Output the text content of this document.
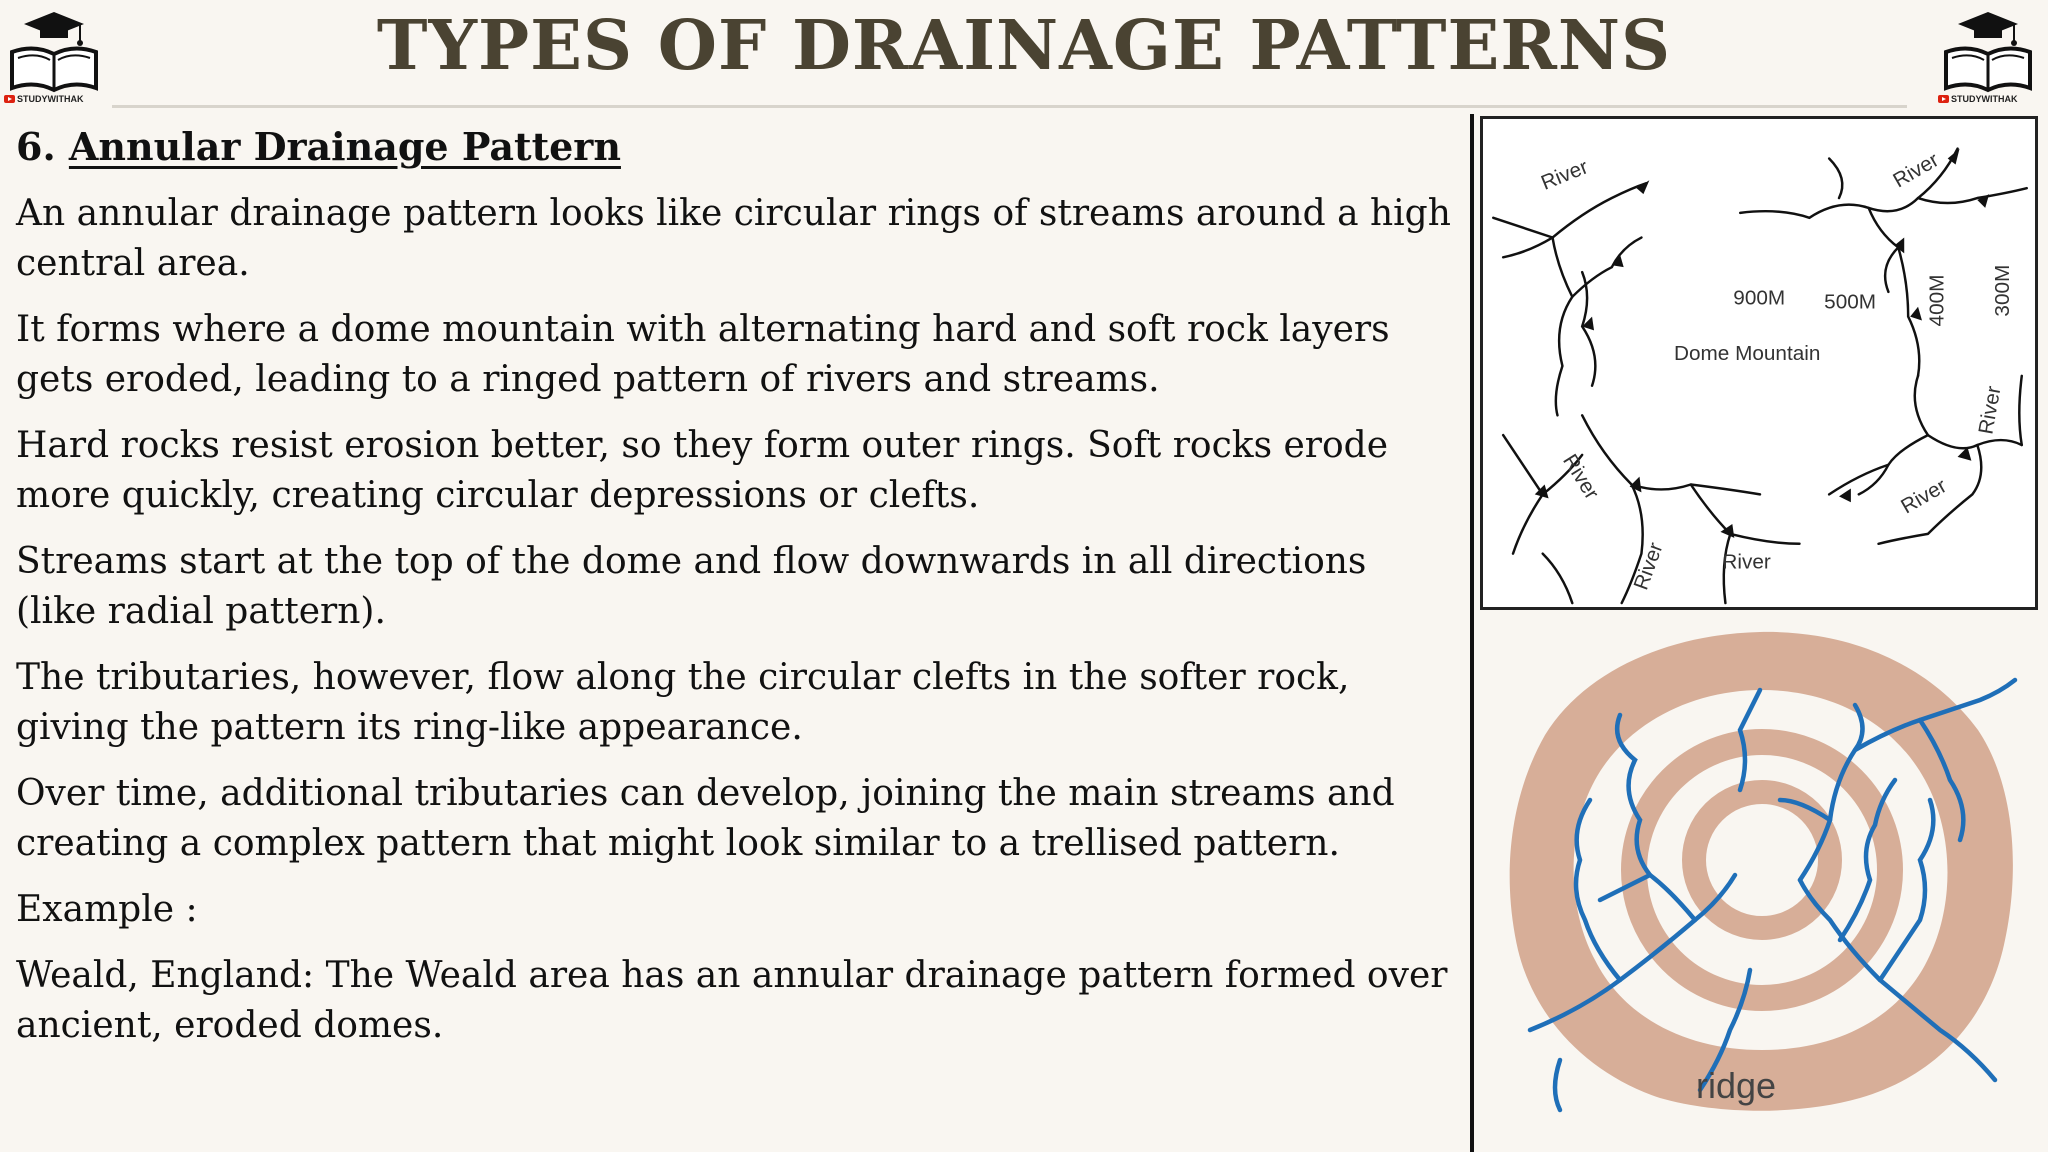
STUDYWITHAK
TYPES OF DRAINAGE PATTERNS
STUDYWITHAK
6. Annular Drainage Pattern

An annular drainage pattern looks like circular rings of streams around a high central area.

It forms where a dome mountain with alternating hard and soft rock layers gets eroded, leading to a ringed pattern of rivers and streams.

Hard rocks resist erosion better, so they form outer rings. Soft rocks erode more quickly, creating circular depressions or clefts.

Streams start at the top of the dome and flow downwards in all directions (like radial pattern).

The tributaries, however, flow along the circular clefts in the softer rock, giving the pattern its ring-like appearance.

Over time, additional tributaries can develop, joining the main streams and creating a complex pattern that might look similar to a trellised pattern.

Example :

Weald, England: The Weald area has an annular drainage pattern formed over ancient, eroded domes.

River	River
River
River
River
River	River
900M 500M 400M 300M
Dome Mountain
ridge
